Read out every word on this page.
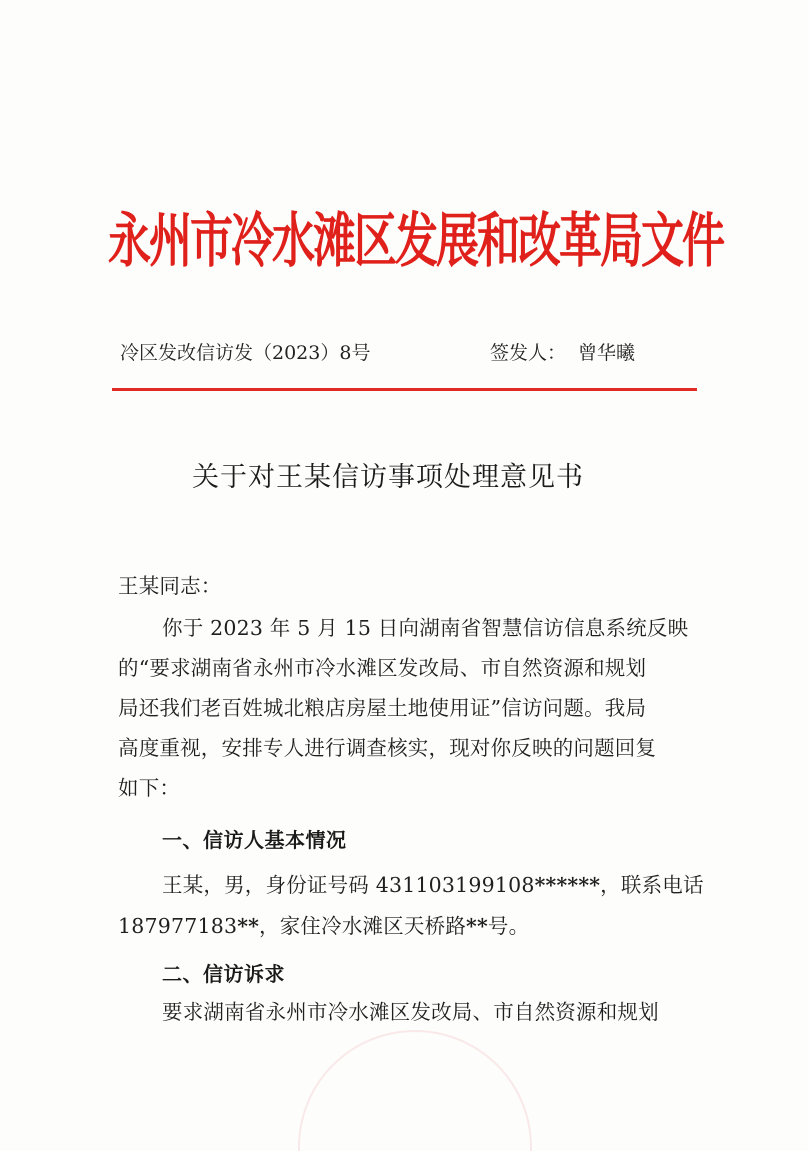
永州市冷水滩区发展和改革局文件
冷区发改信访发（2023）8号	签发人： 曾华曦
关于对王某信访事项处理意见书
王某同志：
你于 2023 年 5 月 15 日向湖南省智慧信访信息系统反映
的“要求湖南省永州市冷水滩区发改局、市自然资源和规划
局还我们老百姓城北粮店房屋土地使用证”信访问题。我局
高度重视，安排专人进行调查核实，现对你反映的问题回复
如下：
一、信访人基本情况
王某，男，身份证号码 431103199108******，联系电话
187977183**，家住冷水滩区天桥路**号。
二、信访诉求
要求湖南省永州市冷水滩区发改局、市自然资源和规划
